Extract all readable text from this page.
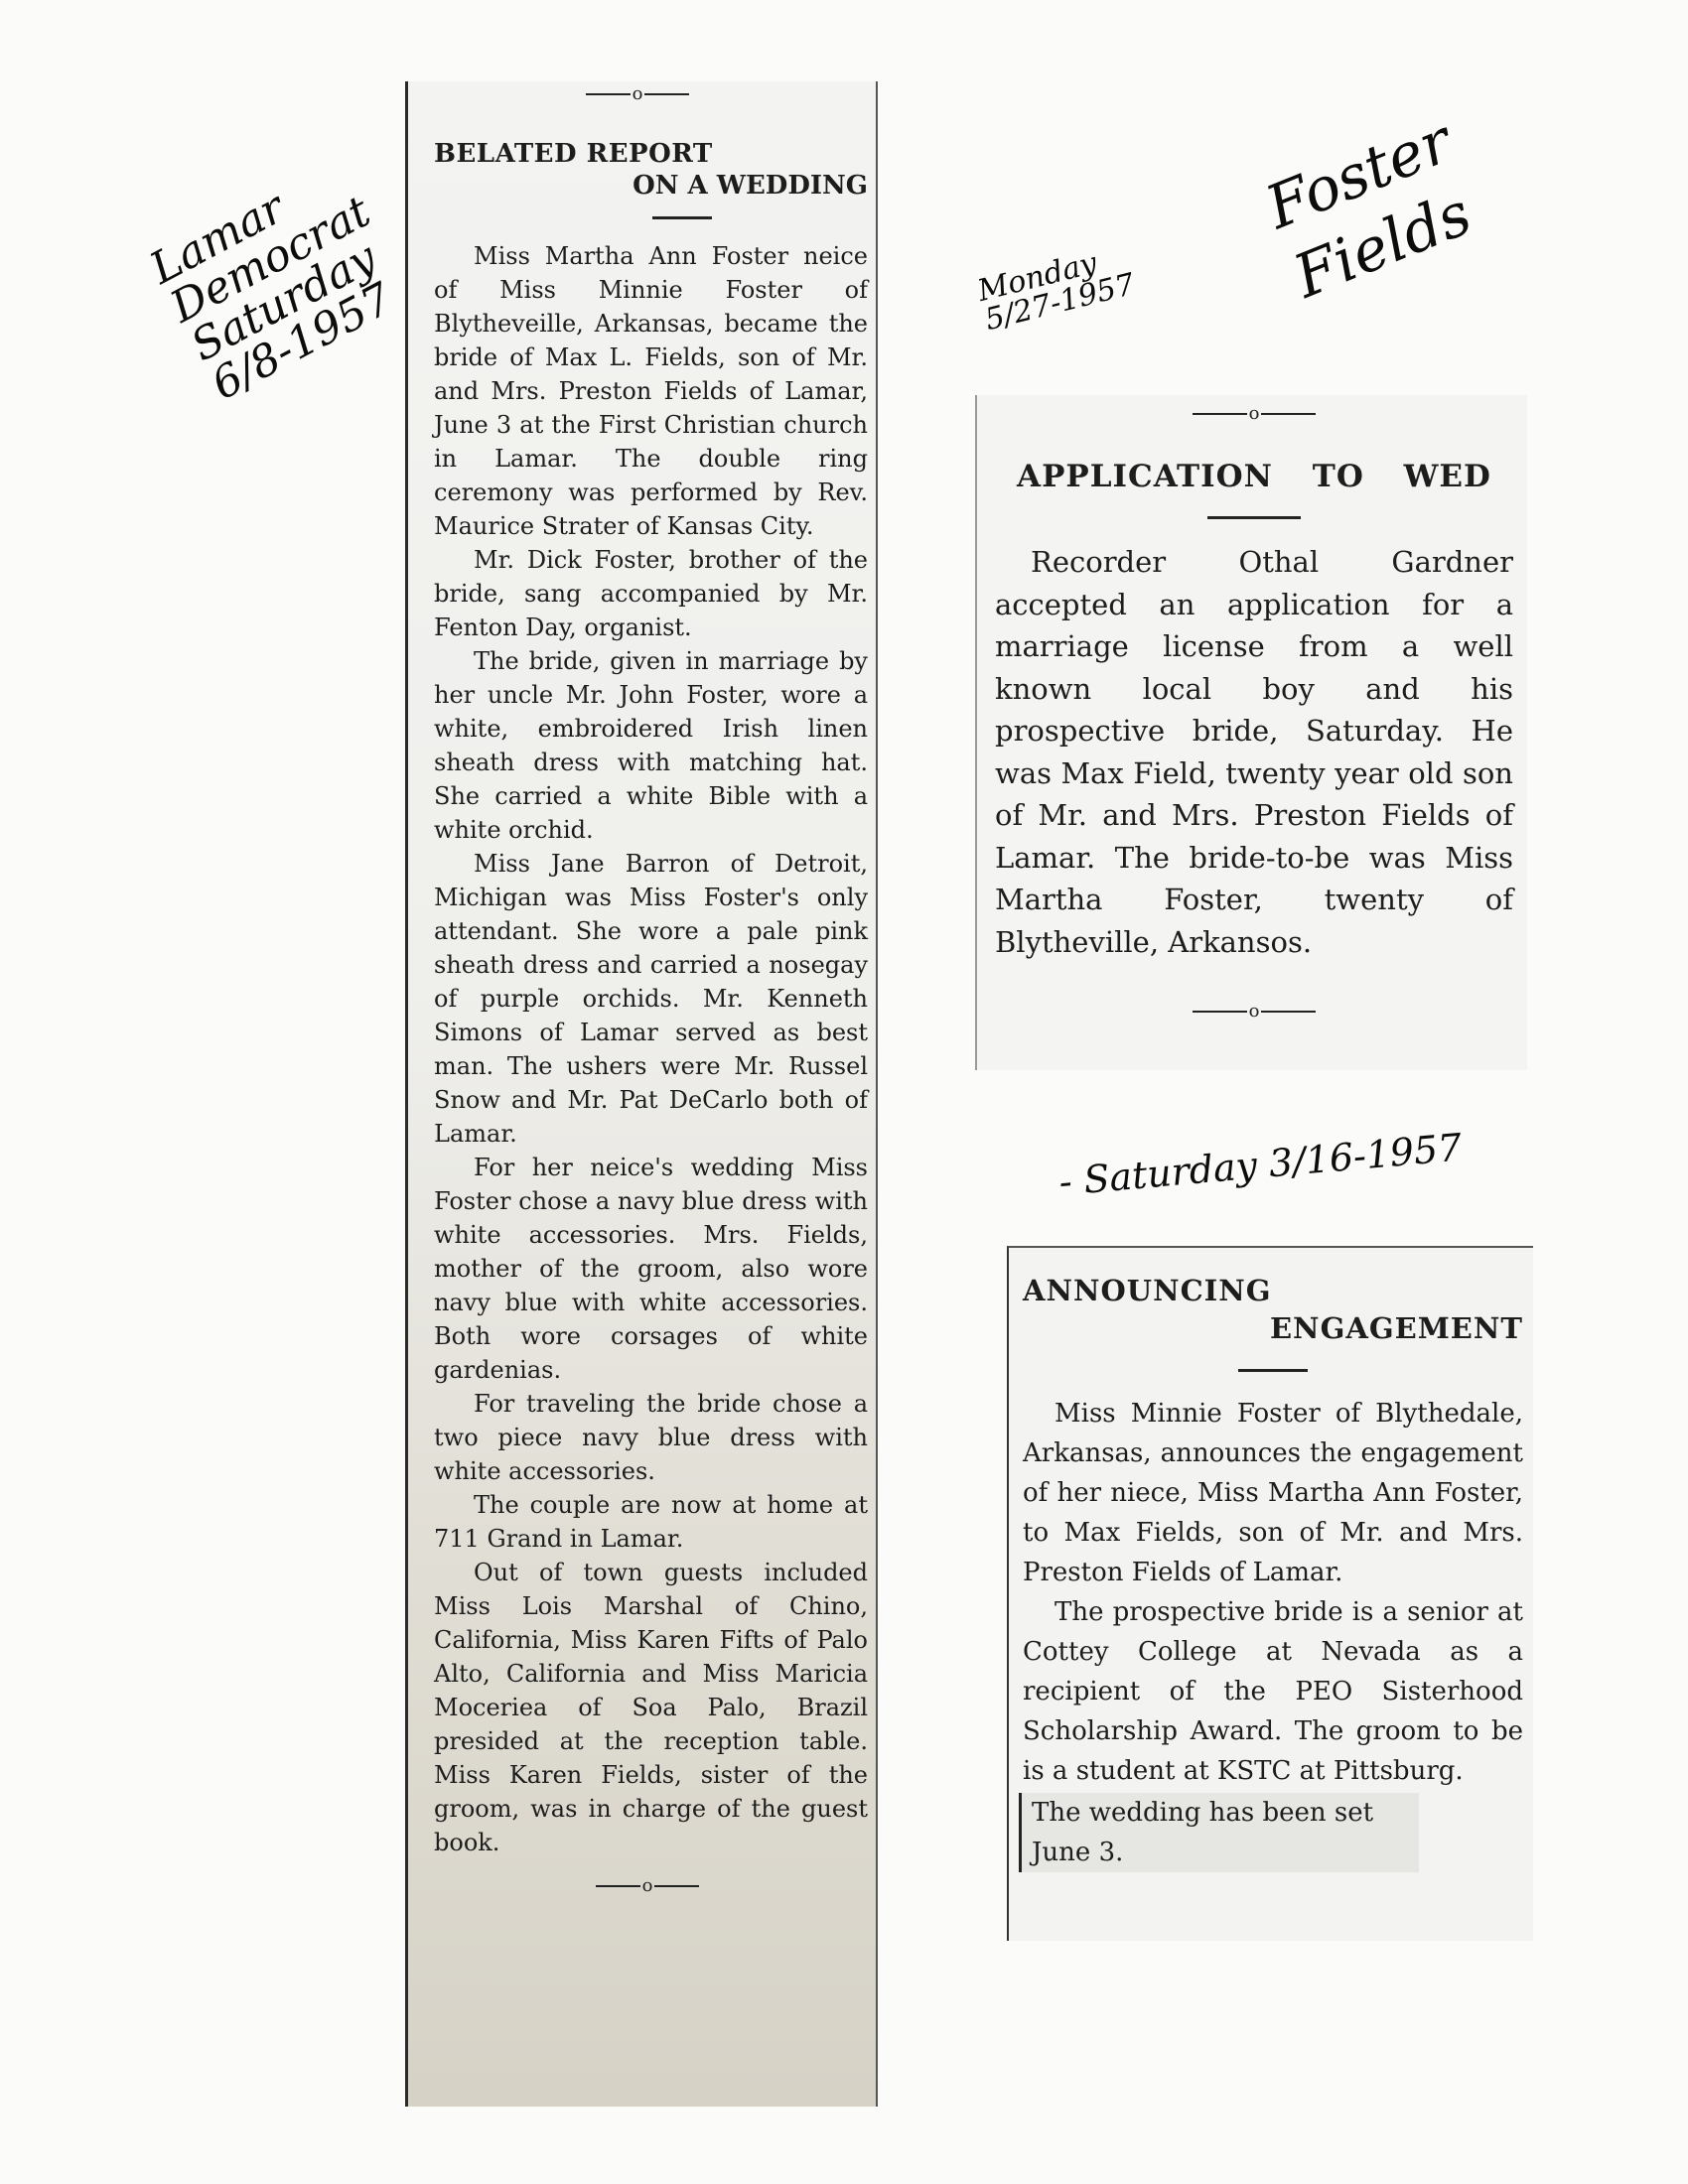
o
BELATED REPORT
ON A WEDDING

Miss Martha Ann Foster neice of Miss Minnie Foster of Blytheveille, Arkansas, became the bride of Max L. Fields, son of Mr. and Mrs. Preston Fields of Lamar, June 3 at the First Christian church in Lamar. The double ring ceremony was performed by Rev. Maurice Strater of Kansas City.

Mr. Dick Foster, brother of the bride, sang accompanied by Mr. Fenton Day, organist.

The bride, given in marriage by her uncle Mr. John Foster, wore a white, embroidered Irish linen sheath dress with matching hat. She carried a white Bible with a white orchid.

Miss Jane Barron of Detroit, Michigan was Miss Foster's only attendant. She wore a pale pink sheath dress and carried a nosegay of purple orchids. Mr. Kenneth Simons of Lamar served as best man. The ushers were Mr. Russel Snow and Mr. Pat DeCarlo both of Lamar.

For her neice's wedding Miss Foster chose a navy blue dress with white accessories. Mrs. Fields, mother of the groom, also wore navy blue with white accessories. Both wore corsages of white gardenias.

For traveling the bride chose a two piece navy blue dress with white accessories.

The couple are now at home at 711 Grand in Lamar.

Out of town guests included Miss Lois Marshal of Chino, California, Miss Karen Fifts of Palo Alto, California and Miss Maricia Moceriea of Soa Palo, Brazil presided at the reception table. Miss Karen Fields, sister of the groom, was in charge of the guest book.

o
o
APPLICATION TO WED

Recorder Othal Gardner accepted an application for a marriage license from a well known local boy and his prospective bride, Saturday. He was Max Field, twenty year old son of Mr. and Mrs. Preston Fields of Lamar. The bride-to-be was Miss Martha Foster, twenty of Blytheville, Arkansos.

o
ANNOUNCING
ENGAGEMENT

Miss Minnie Foster of Blythedale, Arkansas, announces the engagement of her niece, Miss Martha Ann Foster, to Max Fields, son of Mr. and Mrs. Preston Fields of Lamar.

The prospective bride is a senior at Cottey College at Nevada as a recipient of the PEO Sisterhood Scholarship Award. The groom to be is a student at KSTC at Pittsburg.

The wedding has been set June 3.

Lamar
Democrat
Saturday
6/8-1957	Monday
5/27-1957
Foster
Fields
- Saturday 3/16-1957
